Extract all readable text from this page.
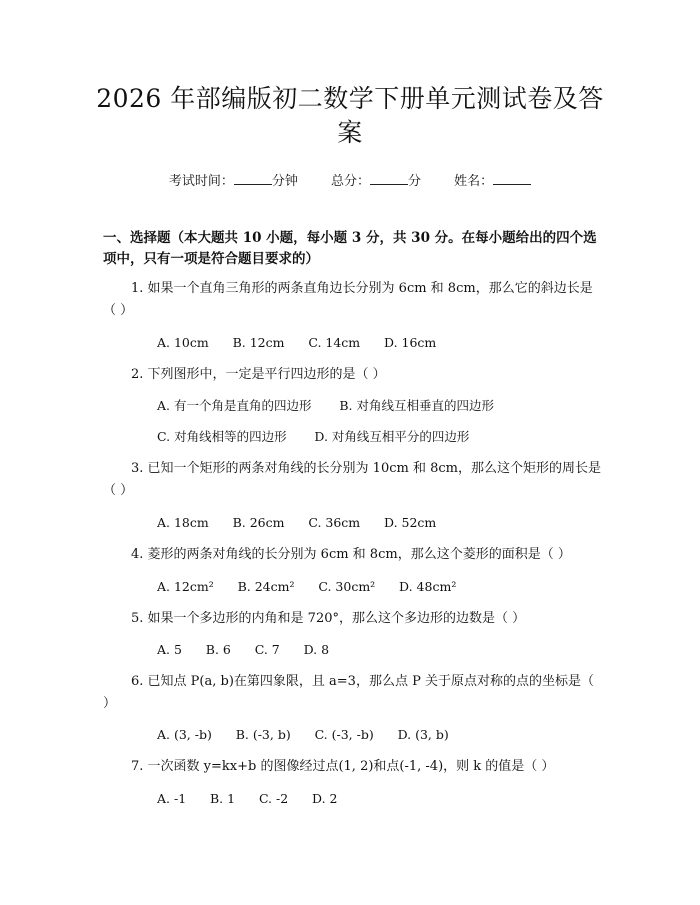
2026 年部编版初二数学下册单元测试卷及答案
考试时间：	分钟	总分：	分	姓名：
一、选择题（本大题共 10 小题，每小题 3 分，共 30 分。在每小题给出的四个选项中，只有一项是符合题目要求的）
1. 如果一个直角三角形的两条直角边长分别为 6cm 和 8cm，那么它的斜边长是（ ）
A. 10cm B. 12cm C. 14cm D. 16cm
2. 下列图形中，一定是平行四边形的是（ ）
A. 有一个角是直角的四边形 B. 对角线互相垂直的四边形
C. 对角线相等的四边形 D. 对角线互相平分的四边形
3. 已知一个矩形的两条对角线的长分别为 10cm 和 8cm，那么这个矩形的周长是（ ）
A. 18cm B. 26cm C. 36cm D. 52cm
4. 菱形的两条对角线的长分别为 6cm 和 8cm，那么这个菱形的面积是（ ）
A. 12cm² B. 24cm² C. 30cm² D. 48cm²
5. 如果一个多边形的内角和是 720°，那么这个多边形的边数是（ ）
A. 5 B. 6 C. 7 D. 8
6. 已知点 P(a, b)在第四象限，且 a=3，那么点 P 关于原点对称的点的坐标是（ ）
A. (3, -b) B. (-3, b) C. (-3, -b) D. (3, b)
7. 一次函数 y=kx+b 的图像经过点(1, 2)和点(-1, -4)，则 k 的值是（ ）
A. -1 B. 1 C. -2 D. 2
